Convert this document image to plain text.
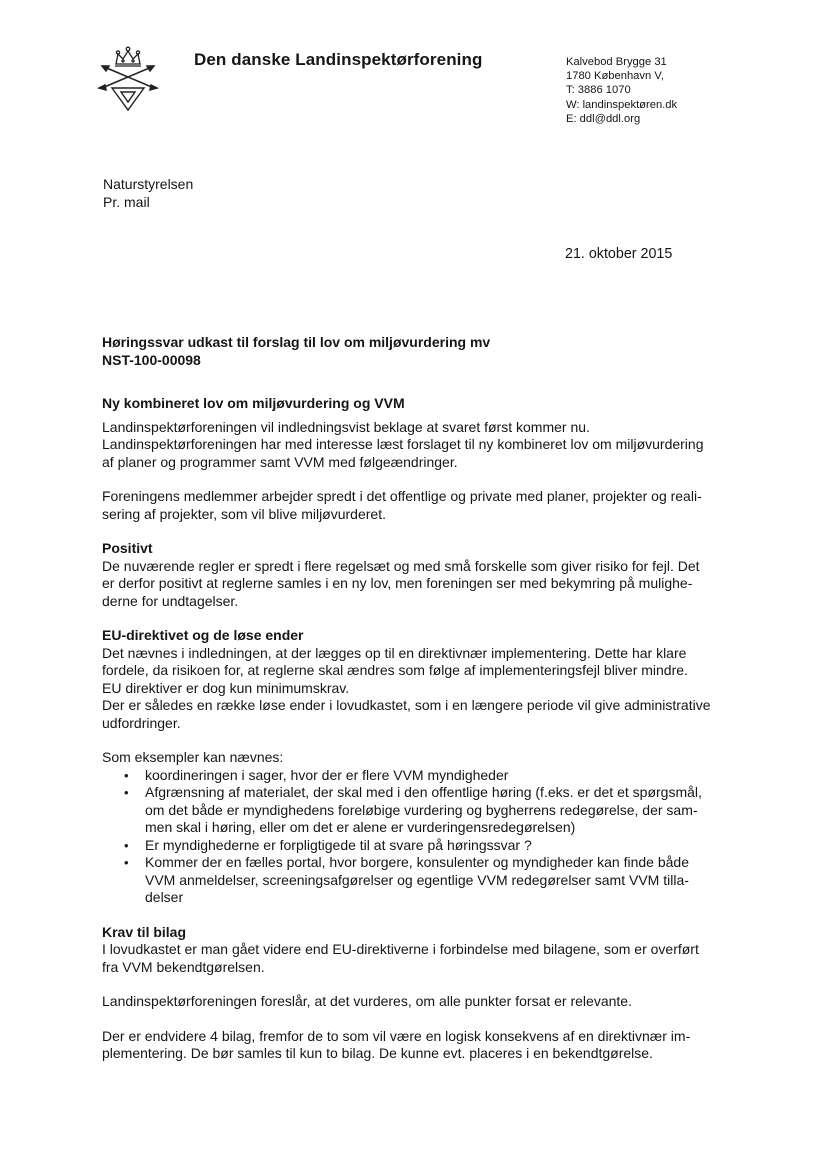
Den danske Landinspektørforening	Kalvebod Brygge 31
1780 København V,
T: 3886 1070
W: landinspektøren.dk
E: ddl@ddl.org
Naturstyrelsen
Pr. mail
21. oktober 2015
Høringssvar udkast til forslag til lov om miljøvurdering mv
NST-100-00098

Ny kombineret lov om miljøvurdering og VVM

Landinspektørforeningen vil indledningsvist beklage at svaret først kommer nu.
Landinspektørforeningen har med interesse læst forslaget til ny kombineret lov om miljøvurdering
af planer og programmer samt VVM med følgeændringer.

Foreningens medlemmer arbejder spredt i det offentlige og private med planer, projekter og reali-
sering af projekter, som vil blive miljøvurderet.

Positivt

De nuværende regler er spredt i flere regelsæt og med små forskelle som giver risiko for fejl. Det
er derfor positivt at reglerne samles i en ny lov, men foreningen ser med bekymring på mulighe-
derne for undtagelser.

EU-direktivet og de løse ender

Det nævnes i indledningen, at der lægges op til en direktivnær implementering. Dette har klare
fordele, da risikoen for, at reglerne skal ændres som følge af implementeringsfejl bliver mindre.
EU direktiver er dog kun minimumskrav.
Der er således en række løse ender i lovudkastet, som i en længere periode vil give administrative
udfordringer.

Som eksempler kan nævnes:

• koordineringen i sager, hvor der er flere VVM myndigheder
• Afgrænsning af materialet, der skal med i den offentlige høring (f.eks. er det et spørgsmål,
om det både er myndighedens foreløbige vurdering og bygherrens redegørelse, der sam-
men skal i høring, eller om det er alene er vurderingensredegørelsen)
• Er myndighederne er forpligtigede til at svare på høringssvar ?
• Kommer der en fælles portal, hvor borgere, konsulenter og myndigheder kan finde både
VVM anmeldelser, screeningsafgørelser og egentlige VVM redegørelser samt VVM tilla-
delser

Krav til bilag

I lovudkastet er man gået videre end EU-direktiverne i forbindelse med bilagene, som er overført
fra VVM bekendtgørelsen.

Landinspektørforeningen foreslår, at det vurderes, om alle punkter forsat er relevante.

Der er endvidere 4 bilag, fremfor de to som vil være en logisk konsekvens af en direktivnær im-
plementering. De bør samles til kun to bilag. De kunne evt. placeres i en bekendtgørelse.
